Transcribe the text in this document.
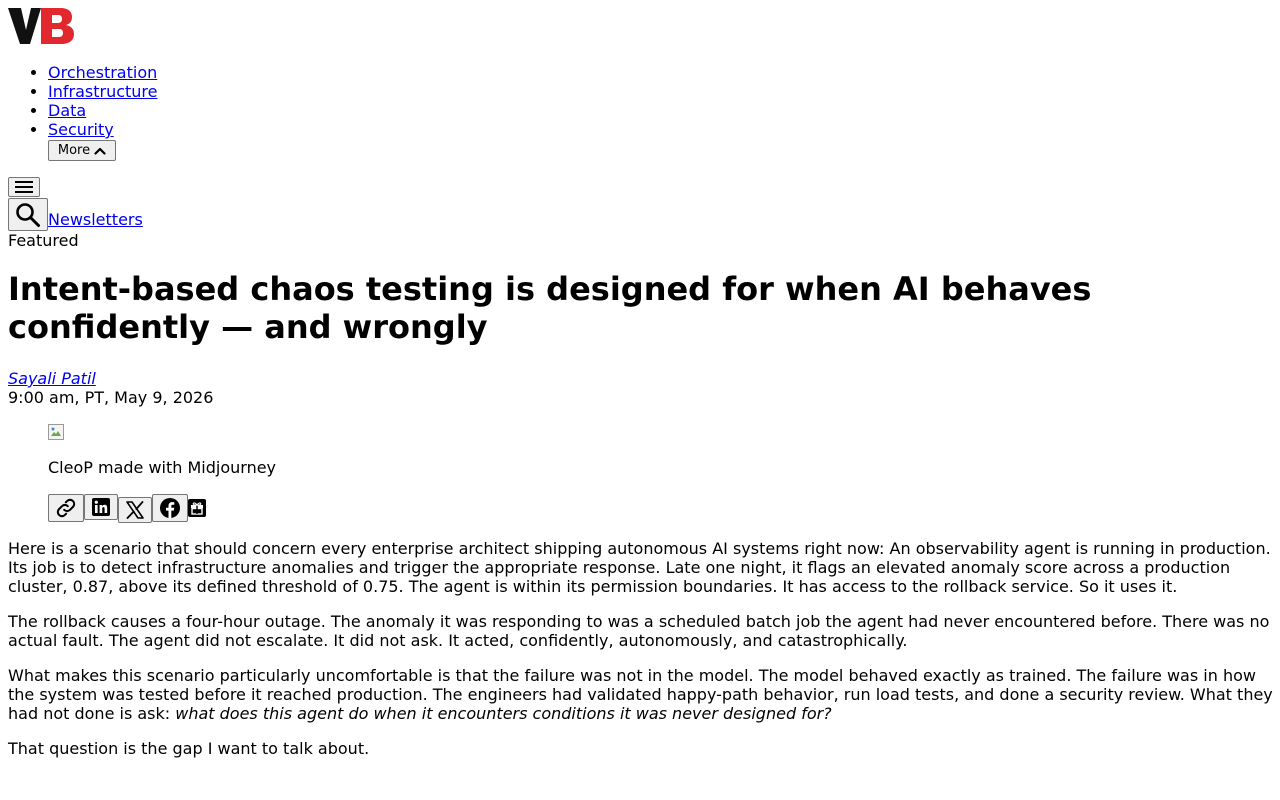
Orchestration
Infrastructure
Data
Security
More
Newsletters
Featured
Intent-based chaos testing is designed for when AI behaves confidently — and wrongly
Sayali Patil
9:00 am, PT, May 9, 2026
CleoP made with Midjourney

Here is a scenario that should concern every enterprise architect shipping autonomous AI systems right now: An observability agent is running in production. Its job is to detect infrastructure anomalies and trigger the appropriate response. Late one night, it flags an elevated anomaly score across a production cluster, 0.87, above its defined threshold of 0.75. The agent is within its permission boundaries. It has access to the rollback service. So it uses it.

The rollback causes a four-hour outage. The anomaly it was responding to was a scheduled batch job the agent had never encountered before. There was no actual fault. The agent did not escalate. It did not ask. It acted, confidently, autonomously, and catastrophically.

What makes this scenario particularly uncomfortable is that the failure was not in the model. The model behaved exactly as trained. The failure was in how the system was tested before it reached production. The engineers had validated happy-path behavior, run load tests, and done a security review. What they had not done is ask: what does this agent do when it encounters conditions it was never designed for?

That question is the gap I want to talk about.
